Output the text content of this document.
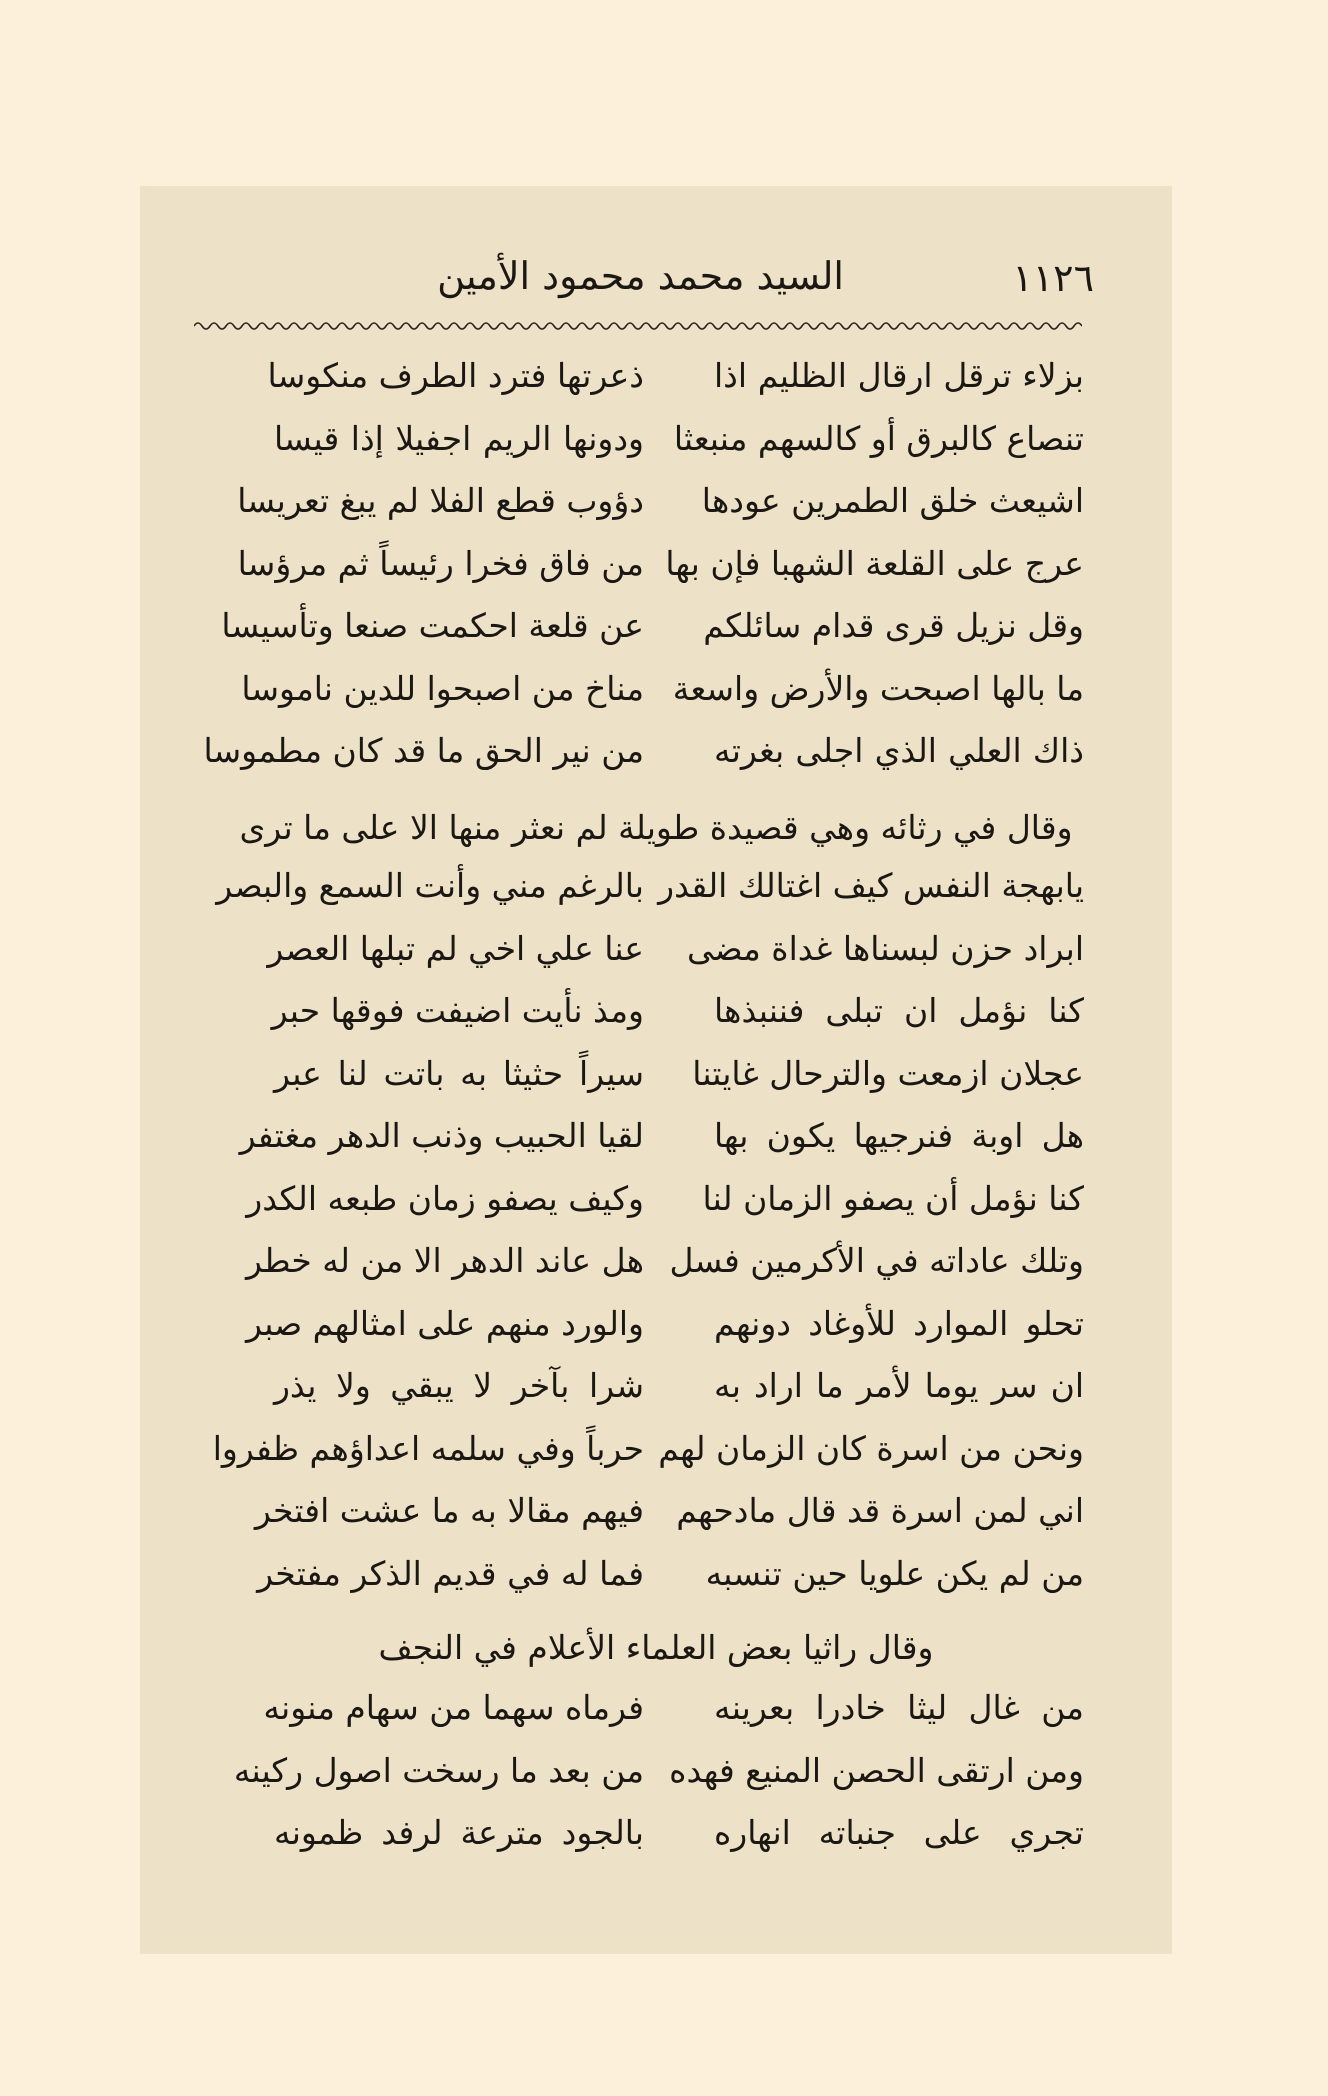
١١٢٦
السيد محمد محمود الأمين
بزلاء ترقل ارقال الظليم اذا
ذعرتها فترد الطرف منكوسا
تنصاع كالبرق أو كالسهم منبعثا
ودونها الريم اجفيلا إذا قيسا
اشيعث خلق الطمرين عودها
دؤوب قطع الفلا لم يبغ تعريسا
عرج على القلعة الشهبا فإن بها
من فاق فخرا رئيساً ثم مرؤسا
وقل نزيل قرى قدام سائلكم
عن قلعة احكمت صنعا وتأسيسا
ما بالها اصبحت والأرض واسعة
مناخ من اصبحوا للدين ناموسا
ذاك العلي الذي اجلى بغرته
من نير الحق ما قد كان مطموسا
وقال في رثائه وهي قصيدة طويلة لم نعثر منها الا على ما ترى
يابهجة النفس كيف اغتالك القدر
بالرغم مني وأنت السمع والبصر
ابراد حزن لبسناها غداة مضى
عنا علي اخي لم تبلها العصر
كنا نؤمل ان تبلى فننبذها
ومذ نأيت اضيفت فوقها حبر
عجلان ازمعت والترحال غايتنا
سيراً حثيثا به باتت لنا عبر
هل اوبة فنرجيها يكون بها
لقيا الحبيب وذنب الدهر مغتفر
كنا نؤمل أن يصفو الزمان لنا
وكيف يصفو زمان طبعه الكدر
وتلك عاداته في الأكرمين فسل
هل عاند الدهر الا من له خطر
تحلو الموارد للأوغاد دونهم
والورد منهم على امثالهم صبر
ان سر يوما لأمر ما اراد به
شرا بآخر لا يبقي ولا يذر
ونحن من اسرة كان الزمان لهم
حرباً وفي سلمه اعداؤهم ظفروا
اني لمن اسرة قد قال مادحهم
فيهم مقالا به ما عشت افتخر
من لم يكن علويا حين تنسبه
فما له في قديم الذكر مفتخر
وقال راثيا بعض العلماء الأعلام في النجف
من غال ليثا خادرا بعرينه
فرماه سهما من سهام منونه
ومن ارتقى الحصن المنيع فهده
من بعد ما رسخت اصول ركينه
تجري على جنباته انهاره
بالجود مترعة لرفد ظمونه
